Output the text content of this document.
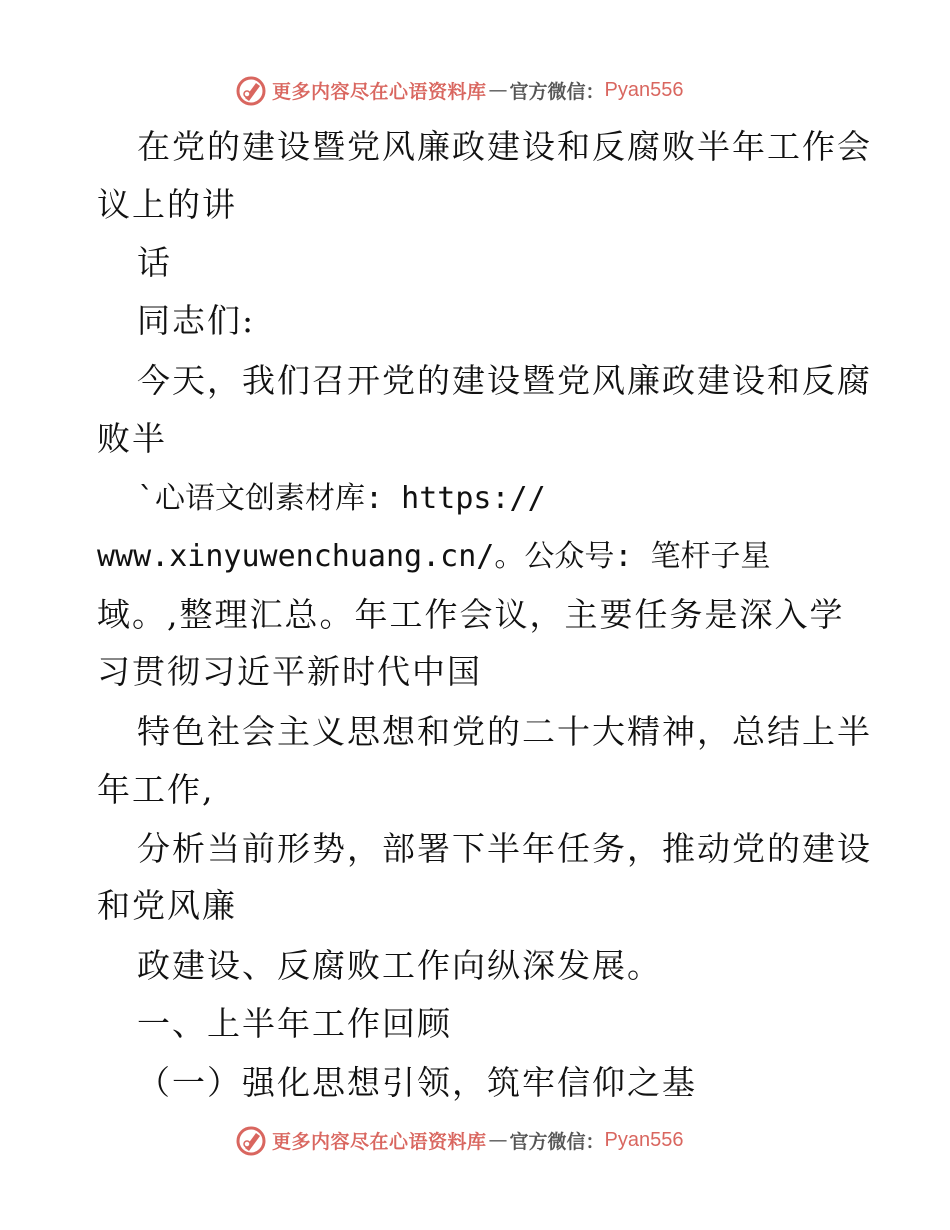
更多内容尽在心语资料库 — 官方微信： Pyan556
在党的建设暨党风廉政建设和反腐败半年工作会
议上的讲
话
同志们:
今天，我们召开党的建设暨党风廉政建设和反腐
败半
`心语文创素材库: https://
www.xinyuwenchuang.cn/。公众号: 笔杆子星
域。,整理汇总。年工作会议，主要任务是深入学
习贯彻习近平新时代中国
特色社会主义思想和党的二十大精神，总结上半
年工作,
分析当前形势，部署下半年任务，推动党的建设
和党风廉
政建设、反腐败工作向纵深发展。
一、上半年工作回顾
（一）强化思想引领，筑牢信仰之基
更多内容尽在心语资料库 — 官方微信： Pyan556
